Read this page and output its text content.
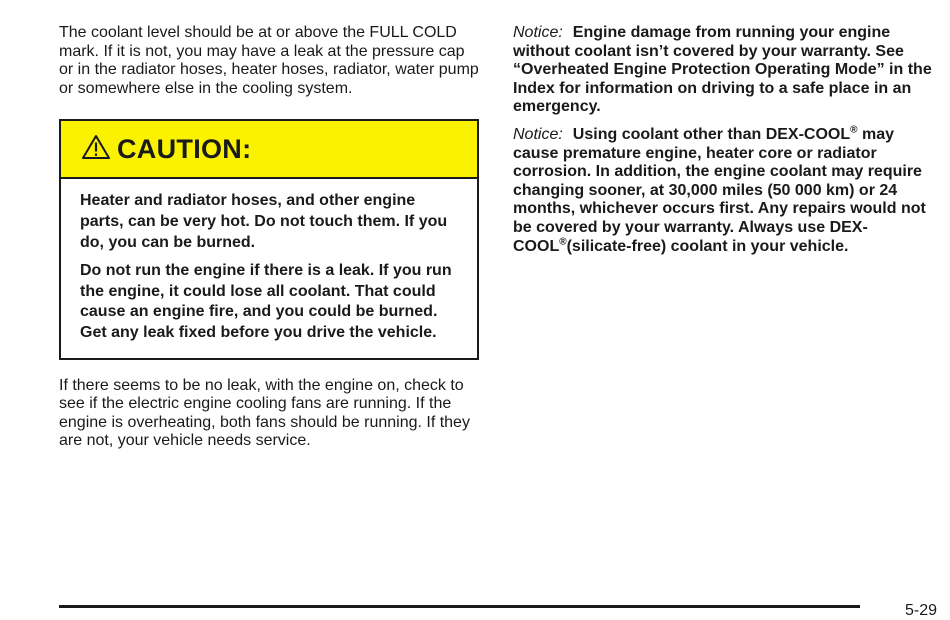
The coolant level should be at or above the FULL COLD mark. If it is not, you may have a leak at the pressure cap or in the radiator hoses, heater hoses, radiator, water pump or somewhere else in the cooling system.

CAUTION:

Heater and radiator hoses, and other engine parts, can be very hot. Do not touch them. If you do, you can be burned.

Do not run the engine if there is a leak. If you run the engine, it could lose all coolant. That could cause an engine fire, and you could be burned. Get any leak fixed before you drive the vehicle.

If there seems to be no leak, with the engine on, check to see if the electric engine cooling fans are running. If the engine is overheating, both fans should be running. If they are not, your vehicle needs service.

Notice: Engine damage from running your engine without coolant isn’t covered by your warranty. See “Overheated Engine Protection Operating Mode” in the Index for information on driving to a safe place in an emergency.

Notice: Using coolant other than DEX-COOL® may cause premature engine, heater core or radiator corrosion. In addition, the engine coolant may require changing sooner, at 30,000 miles (50 000 km) or 24 months, whichever occurs first. Any repairs would not be covered by your warranty. Always use DEX-COOL®(silicate-free) coolant in your vehicle.

5-29
